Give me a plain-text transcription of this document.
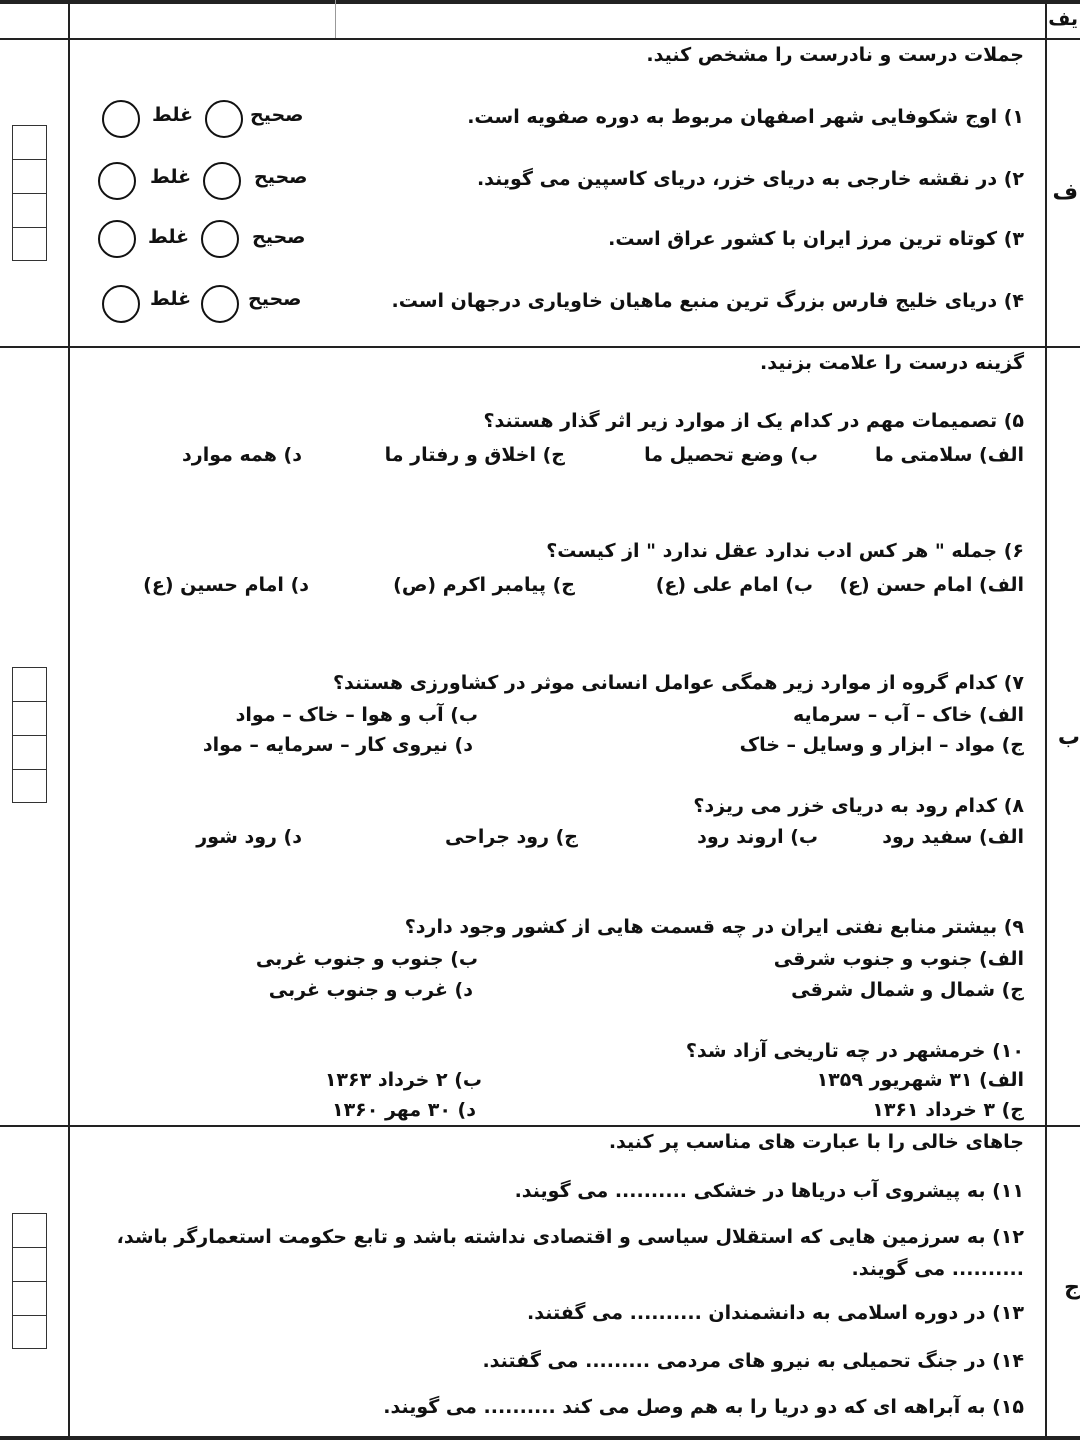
یف
ف
ب
ج
جملات درست و نادرست را مشخص کنید.
۱) اوج شکوفایی شهر اصفهان مربوط به دوره صفویه است.
صحیح
غلط
۲) در نقشه خارجی به دریای خزر، دریای کاسپین می گویند.
صحیح
غلط
۳) کوتاه ترین مرز ایران با کشور عراق است.
صحیح
غلط
۴) دریای خلیج فارس بزرگ ترین منبع ماهیان خاویاری درجهان است.
صحیح
غلط
گزینه درست را علامت بزنید.
۵) تصمیمات مهم در کدام یک از موارد زیر اثر گذار هستند؟
الف) سلامتی ما
ب) وضع تحصیل ما
ج) اخلاق و رفتار ما
د) همه موارد
۶) جمله " هر کس ادب ندارد عقل ندارد " از کیست؟
الف) امام حسن (ع)
ب) امام علی (ع)
ج) پیامبر اکرم (ص)
د) امام حسین (ع)
۷) کدام گروه از موارد زیر همگی عوامل انسانی موثر در کشاورزی هستند؟
الف) خاک – آب – سرمایه
ب) آب و هوا – خاک – مواد
ج) مواد – ابزار و وسایل – خاک
د) نیروی کار – سرمایه – مواد
۸) کدام رود به دریای خزر می ریزد؟
الف) سفید رود
ب) اروند رود
ج) رود جراحی
د) رود شور
۹) بیشتر منابع نفتی ایران در چه قسمت هایی از کشور وجود دارد؟
الف) جنوب و جنوب شرقی
ب) جنوب و جنوب غربی
ج) شمال و شمال شرقی
د) غرب و جنوب غربی
۱۰) خرمشهر در چه تاریخی آزاد شد؟
الف) ۳۱ شهریور ۱۳۵۹
ب) ۲ خرداد ۱۳۶۳
ج) ۳ خرداد ۱۳۶۱
د) ۳۰ مهر ۱۳۶۰
جاهای خالی را با عبارت های مناسب پر کنید.
۱۱) به پیشروی آب دریاها در خشکی .......... می گویند.
۱۲) به سرزمین هایی که استقلال سیاسی و اقتصادی نداشته باشد و تابع حکومت استعمارگر باشد،
.......... می گویند.
۱۳) در دوره اسلامی به دانشمندان .......... می گفتند.
۱۴) در جنگ تحمیلی به نیرو های مردمی ......... می گفتند.
۱۵) به آبراهه ای که دو دریا را به هم وصل می کند .......... می گویند.
